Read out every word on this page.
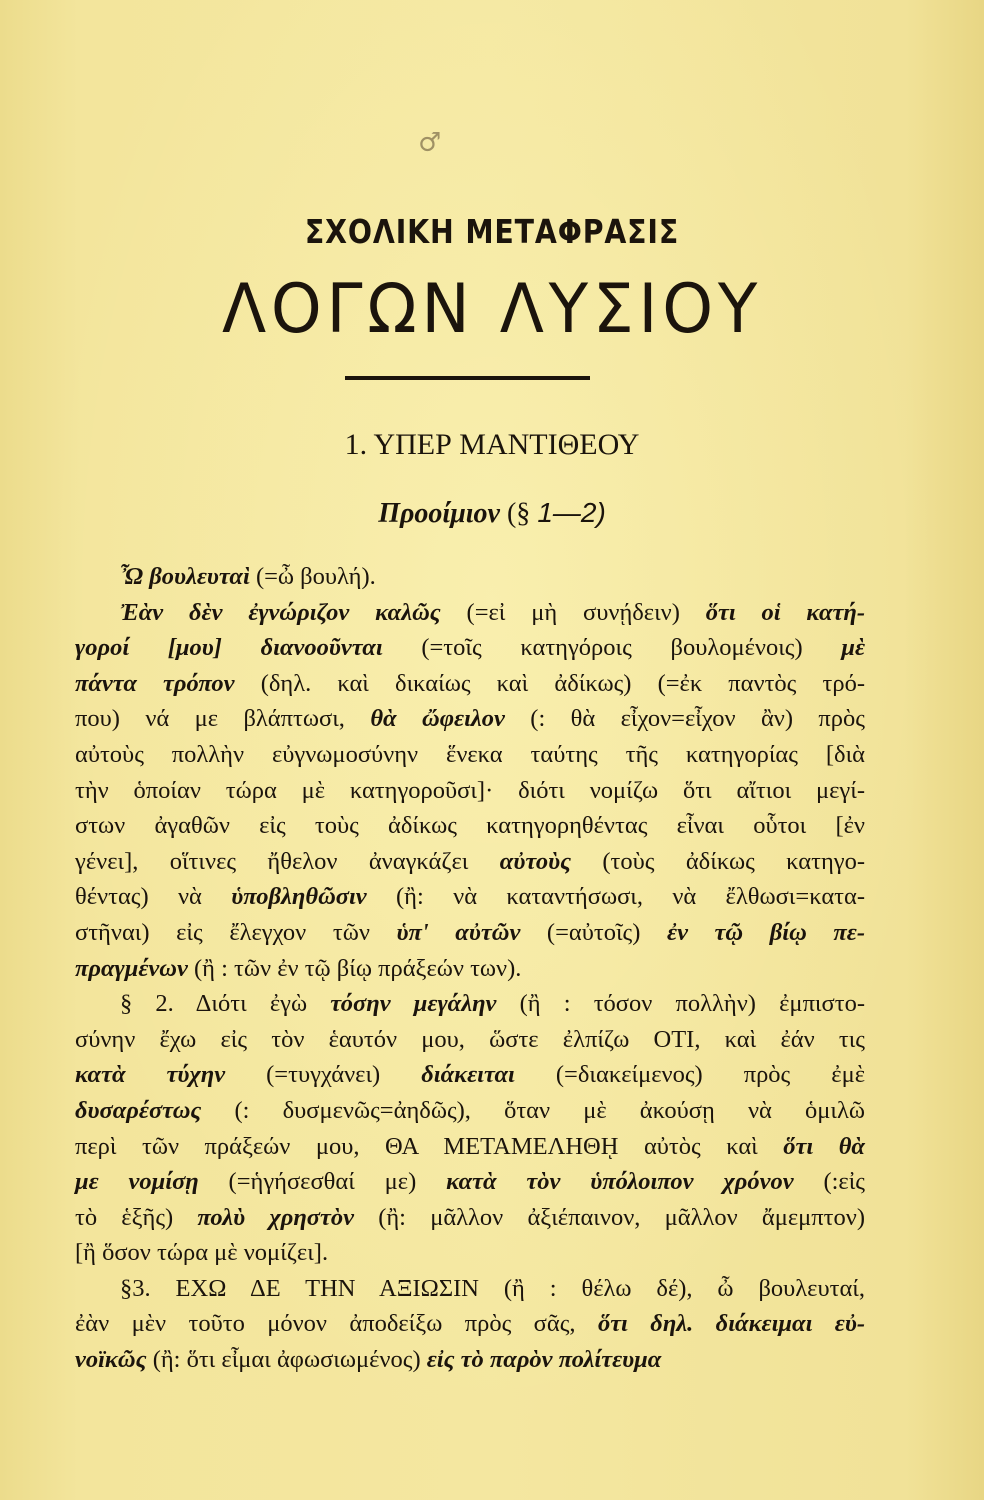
♂
ΣΧΟΛΙΚΗ ΜΕΤΑΦΡΑΣΙΣ
ΛΟΓΩΝ ΛΥΣΙΟΥ
1. ΥΠΕΡ ΜΑΝΤΙΘΕΟΥ
Προοίμιον (§ 1—2)
Ὦ βουλευταὶ (=ὦ βουλή).
Ἐὰν δὲν ἐγνώριζον καλῶς (=εἰ μὴ συνῄδειν) ὅτι οἱ κατή-
γοροί [μου] διανοοῦνται (=τοῖς κατηγόροις βουλομένοις) μὲ
πάντα τρόπον (δηλ. καὶ δικαίως καὶ ἀδίκως) (=ἐκ παντὸς τρό-
που) νά με βλάπτωσι, θὰ ὤφειλον (: θὰ εἶχον=εἶχον ἂν) πρὸς
αὐτοὺς πολλὴν εὐγνωμοσύνην ἕνεκα ταύτης τῆς κατηγορίας [διὰ
τὴν ὁποίαν τώρα μὲ κατηγοροῦσι]· διότι νομίζω ὅτι αἴτιοι μεγί-
στων ἀγαθῶν εἰς τοὺς ἀδίκως κατηγορηθέντας εἶναι οὗτοι [ἐν
γένει], οἵτινες ἤθελον ἀναγκάζει αὐτοὺς (τοὺς ἀδίκως κατηγο-
θέντας) νὰ ὑποβληθῶσιν (ἢ: νὰ καταντήσωσι, νὰ ἔλθωσι=κατα-
στῆναι) εἰς ἔλεγχον τῶν ὑπ' αὐτῶν (=αὐτοῖς) ἐν τῷ βίῳ πε-
πραγμένων (ἢ : τῶν ἐν τῷ βίῳ πράξεών των).
§ 2. Διότι ἐγὼ τόσην μεγάλην (ἢ : τόσον πολλὴν) ἐμπιστο-
σύνην ἔχω εἰς τὸν ἑαυτόν μου, ὥστε ἐλπίζω ΟΤΙ, καὶ ἐάν τις
κατὰ τύχην (=τυγχάνει) διάκειται (=διακείμενος) πρὸς ἐμὲ
δυσαρέστως (: δυσμενῶς=ἀηδῶς), ὅταν μὲ ἀκούσῃ νὰ ὁμιλῶ
περὶ τῶν πράξεών μου, ΘΑ ΜΕΤΑΜΕΛΗΘῌ αὐτὸς καὶ ὅτι θὰ
με νομίσῃ (=ἡγήσεσθαί με) κατὰ τὸν ὑπόλοιπον χρόνον (:εἰς
τὸ ἑξῆς) πολὺ χρηστὸν (ἢ: μᾶλλον ἀξιέπαινον, μᾶλλον ἄμεμπτον)
[ἢ ὅσον τώρα μὲ νομίζει].
§3. ΕΧΩ ΔΕ ΤΗΝ ΑΞΙΩΣΙΝ (ἢ : θέλω δέ), ὦ βουλευταί,
ἐὰν μὲν τοῦτο μόνον ἀποδείξω πρὸς σᾶς, ὅτι δηλ. διάκειμαι εὐ-
νοϊκῶς (ἢ: ὅτι εἶμαι ἀφωσιωμένος) εἰς τὸ παρὸν πολίτευμα
